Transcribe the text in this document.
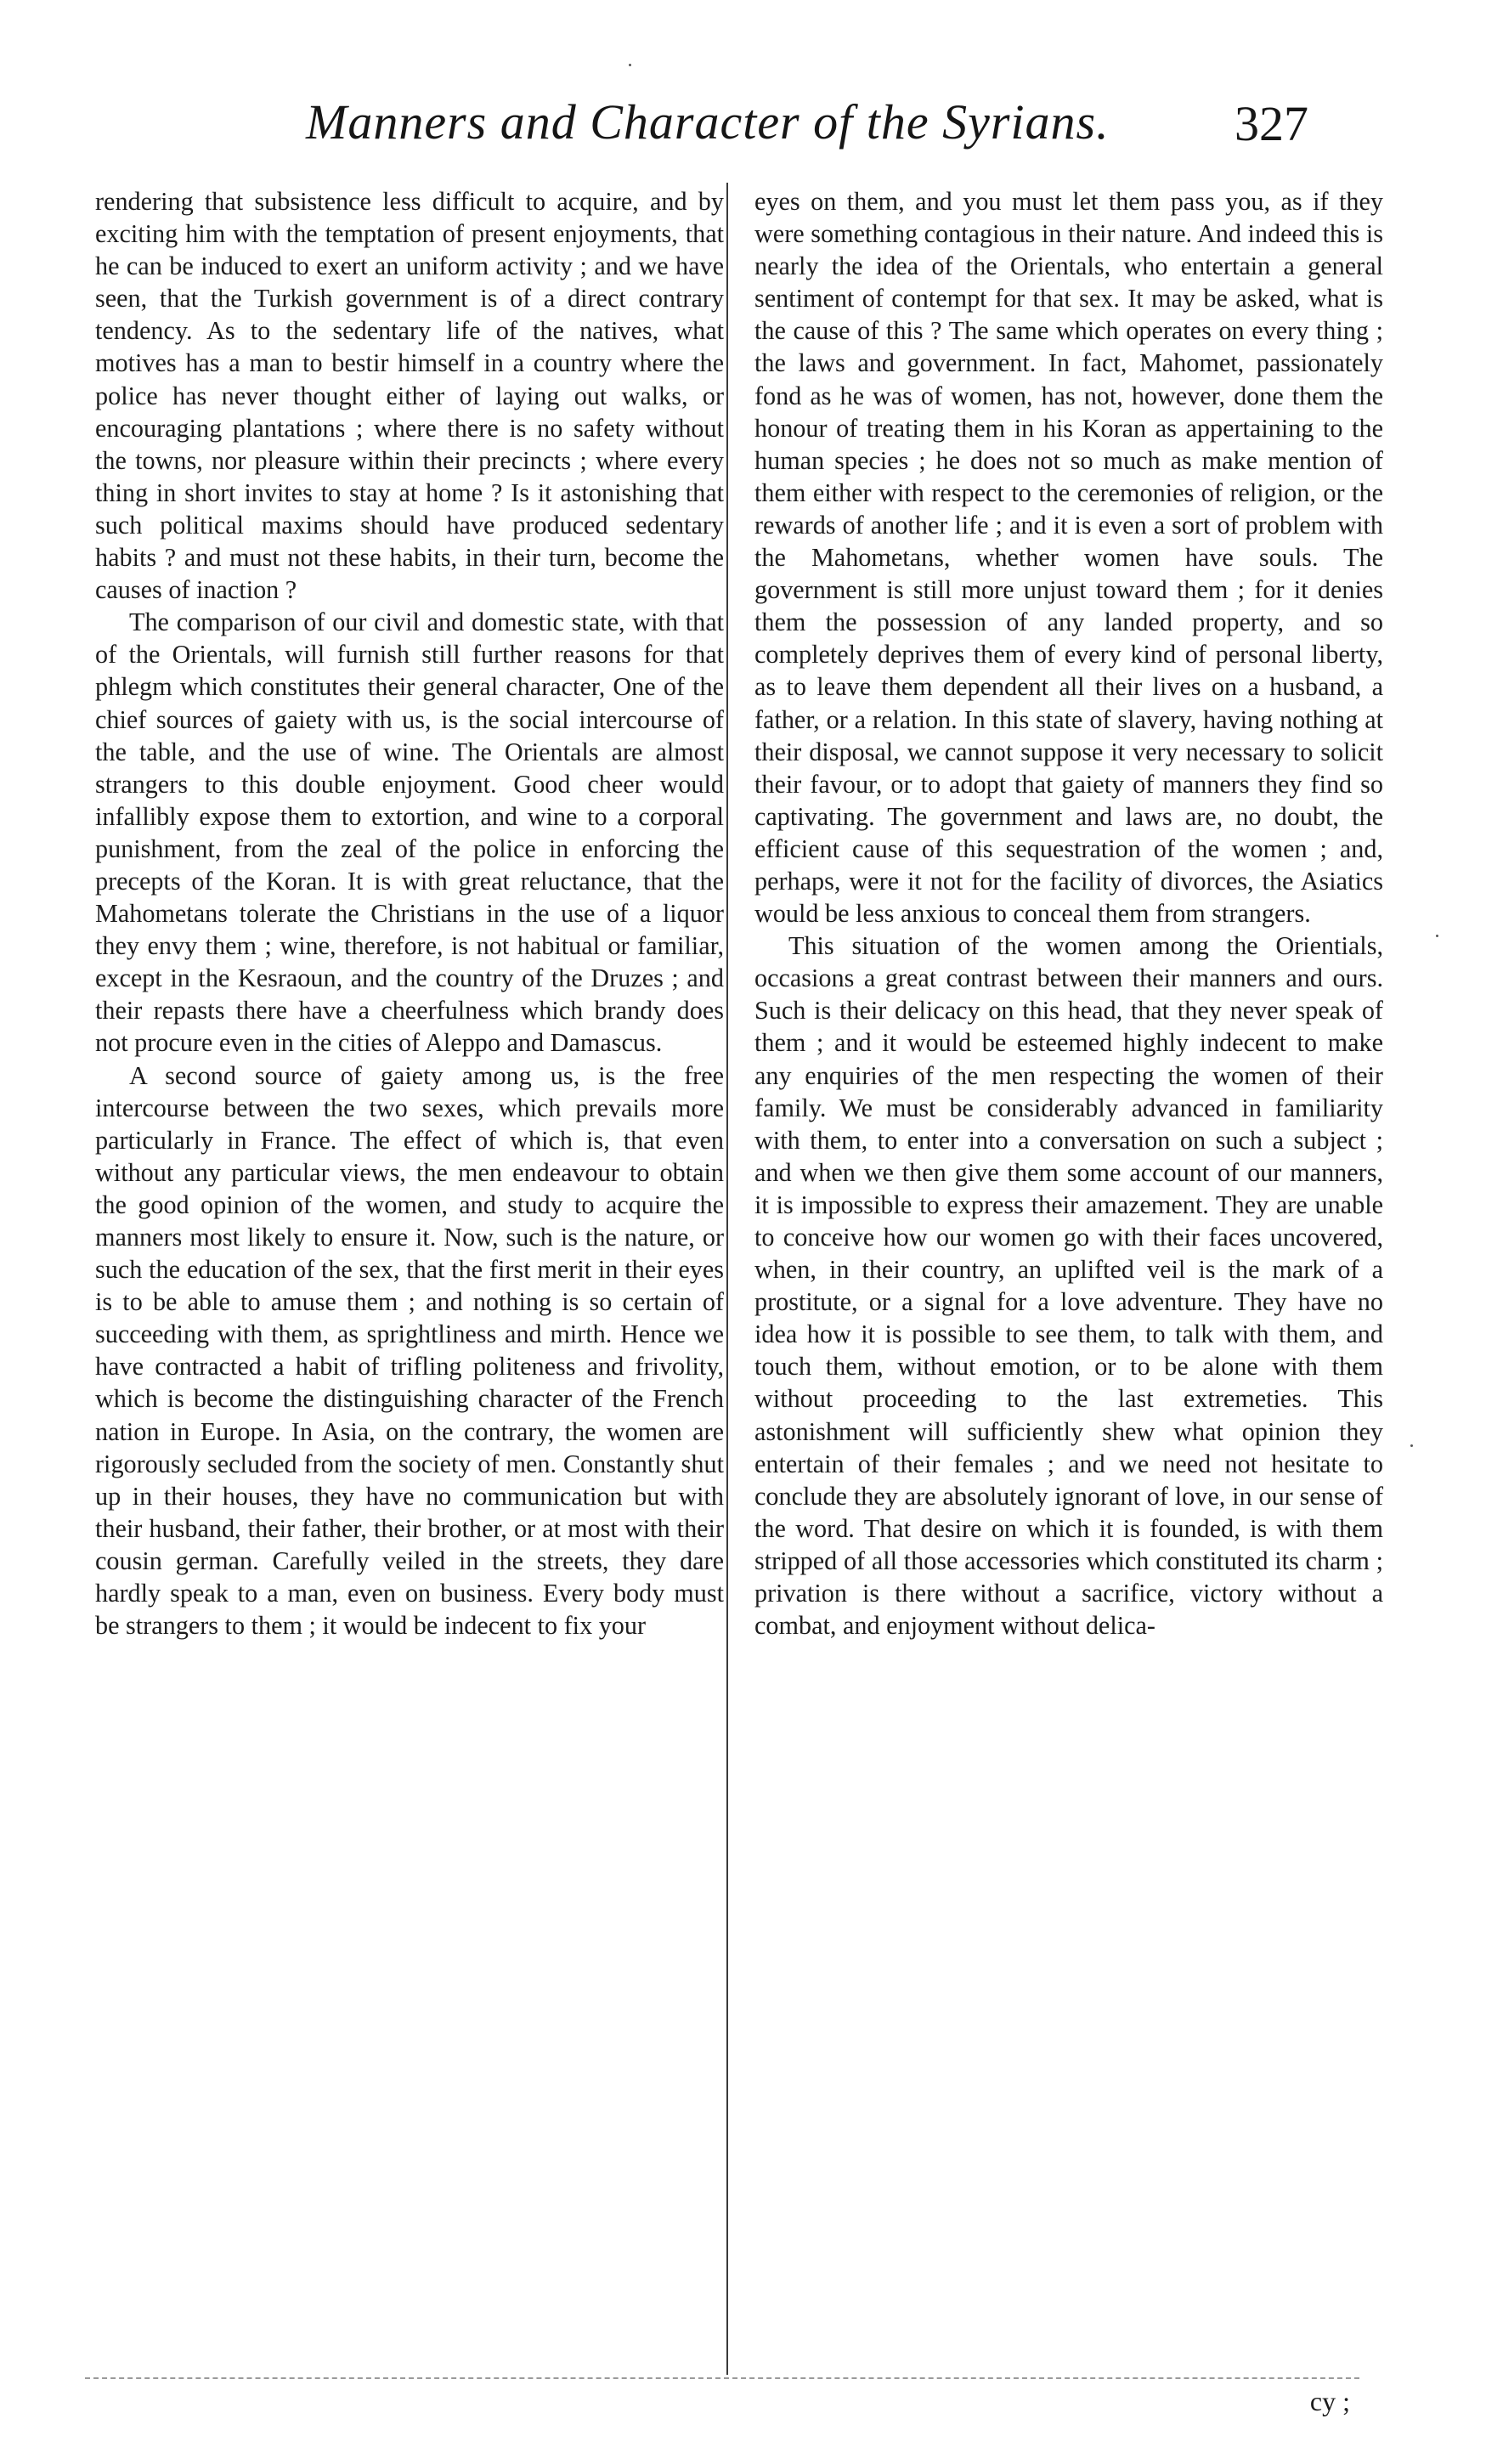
Manners and Character of the Syrians.	327

rendering that subsistence less difficult to acquire, and by exciting him with the temptation of present enjoyments, that he can be induced to exert an uniform activity ; and we have seen, that the Turkish government is of a direct contrary tendency. As to the sedentary life of the natives, what motives has a man to bestir himself in a country where the police has never thought either of laying out walks, or encouraging plantations ; where there is no safety without the towns, nor pleasure within their precincts ; where every thing in short invites to stay at home ? Is it astonishing that such political maxims should have produced sedentary habits ? and must not these habits, in their turn, become the causes of inaction ?

The comparison of our civil and domestic state, with that of the Orientals, will furnish still further reasons for that phlegm which constitutes their general character, One of the chief sources of gaiety with us, is the social intercourse of the table, and the use of wine. The Orientals are almost strangers to this double enjoyment. Good cheer would infallibly expose them to extortion, and wine to a corporal punishment, from the zeal of the police in enforcing the precepts of the Koran. It is with great reluctance, that the Mahometans tolerate the Christians in the use of a liquor they envy them ; wine, therefore, is not habitual or familiar, except in the Kesraoun, and the country of the Druzes ; and their repasts there have a cheerfulness which brandy does not procure even in the cities of Aleppo and Damascus.

A second source of gaiety among us, is the free intercourse between the two sexes, which prevails more particularly in France. The effect of which is, that even without any particular views, the men endeavour to obtain the good opinion of the women, and study to acquire the manners most likely to ensure it. Now, such is the nature, or such the education of the sex, that the first merit in their eyes is to be able to amuse them ; and nothing is so certain of succeeding with them, as sprightliness and mirth. Hence we have contracted a habit of trifling politeness and frivolity, which is become the distinguishing character of the French nation in Europe. In Asia, on the contrary, the women are rigorously secluded from the society of men. Constantly shut up in their houses, they have no communication but with their husband, their father, their brother, or at most with their cousin german. Carefully veiled in the streets, they dare hardly speak to a man, even on business. Every body must be strangers to them ; it would be indecent to fix your

eyes on them, and you must let them pass you, as if they were something contagious in their nature. And indeed this is nearly the idea of the Orientals, who entertain a general sentiment of contempt for that sex. It may be asked, what is the cause of this ? The same which operates on every thing ; the laws and government. In fact, Mahomet, passionately fond as he was of women, has not, however, done them the honour of treating them in his Koran as appertaining to the human species ; he does not so much as make mention of them either with respect to the ceremonies of religion, or the rewards of another life ; and it is even a sort of problem with the Mahometans, whether women have souls. The government is still more unjust toward them ; for it denies them the possession of any landed property, and so completely deprives them of every kind of personal liberty, as to leave them dependent all their lives on a husband, a father, or a relation. In this state of slavery, having nothing at their disposal, we cannot suppose it very necessary to solicit their favour, or to adopt that gaiety of manners they find so captivating. The government and laws are, no doubt, the efficient cause of this sequestration of the women ; and, perhaps, were it not for the facility of divorces, the Asiatics would be less anxious to conceal them from strangers.

This situation of the women among the Orientials, occasions a great contrast between their manners and ours. Such is their delicacy on this head, that they never speak of them ; and it would be esteemed highly indecent to make any enquiries of the men respecting the women of their family. We must be considerably advanced in familiarity with them, to enter into a conversation on such a subject ; and when we then give them some account of our manners, it is impossible to express their amazement. They are unable to conceive how our women go with their faces uncovered, when, in their country, an uplifted veil is the mark of a prostitute, or a signal for a love adventure. They have no idea how it is possible to see them, to talk with them, and touch them, without emotion, or to be alone with them without proceeding to the last extremeties. This astonishment will sufficiently shew what opinion they entertain of their females ; and we need not hesitate to conclude they are absolutely ignorant of love, in our sense of the word. That desire on which it is founded, is with them stripped of all those accessories which constituted its charm ; privation is there without a sacrifice, victory without a combat, and enjoyment without delica-

cy ;
